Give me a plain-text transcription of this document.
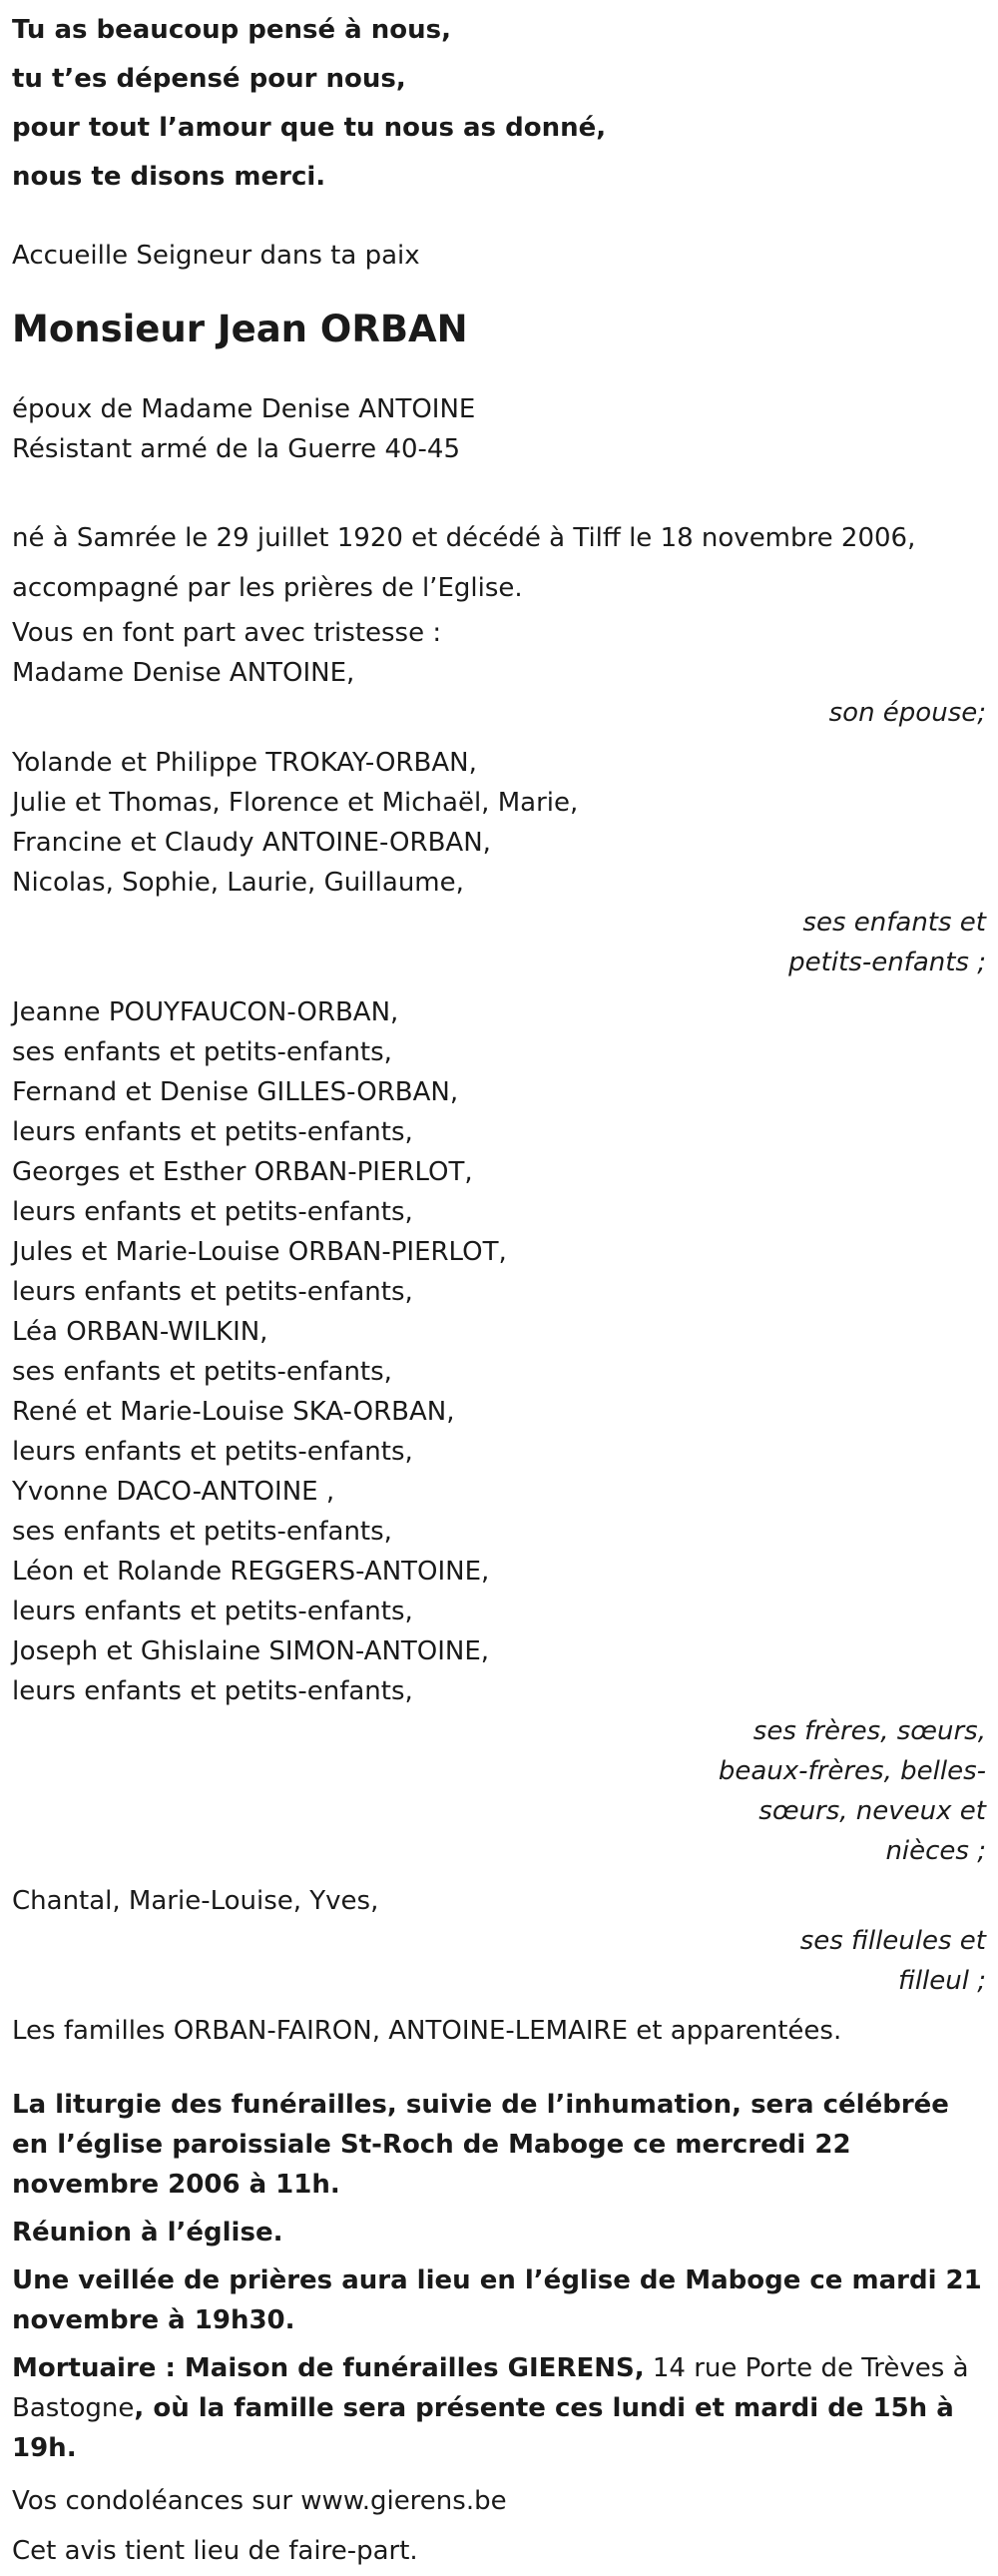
Tu as beaucoup pensé à nous,
tu t’es dépensé pour nous,
pour tout l’amour que tu nous as donné,
nous te disons merci.
Accueille Seigneur dans ta paix
Monsieur Jean ORBAN
époux de Madame Denise ANTOINE
Résistant armé de la Guerre 40-45
né à Samrée le 29 juillet 1920 et décédé à Tilff le 18 novembre 2006,
accompagné par les prières de l’Eglise.
Vous en font part avec tristesse :
Madame Denise ANTOINE,
son épouse;
Yolande et Philippe TROKAY-ORBAN,
Julie et Thomas, Florence et Michaël, Marie,
Francine et Claudy ANTOINE-ORBAN,
Nicolas, Sophie, Laurie, Guillaume,
ses enfants et
petits-enfants ;
Jeanne POUYFAUCON-ORBAN,
ses enfants et petits-enfants,
Fernand et Denise GILLES-ORBAN,
leurs enfants et petits-enfants,
Georges et Esther ORBAN-PIERLOT,
leurs enfants et petits-enfants,
Jules et Marie-Louise ORBAN-PIERLOT,
leurs enfants et petits-enfants,
Léa ORBAN-WILKIN,
ses enfants et petits-enfants,
René et Marie-Louise SKA-ORBAN,
leurs enfants et petits-enfants,
Yvonne DACO-ANTOINE ,
ses enfants et petits-enfants,
Léon et Rolande REGGERS-ANTOINE,
leurs enfants et petits-enfants,
Joseph et Ghislaine SIMON-ANTOINE,
leurs enfants et petits-enfants,
ses frères, sœurs,
beaux-frères, belles-
sœurs, neveux et
nièces ;
Chantal, Marie-Louise, Yves,
ses filleules et
filleul ;
Les familles ORBAN-FAIRON, ANTOINE-LEMAIRE et apparentées.

La liturgie des funérailles, suivie de l’inhumation, sera célébrée en l’église paroissiale St-Roch de Maboge ce mercredi 22 novembre 2006 à 11h.

Réunion à l’église.

Une veillée de prières aura lieu en l’église de Maboge ce mardi 21 novembre à 19h30.

Mortuaire : Maison de funérailles GIERENS, 14 rue Porte de Trèves à Bastogne, où la famille sera présente ces lundi et mardi de 15h à 19h.

Vos condoléances sur www.gierens.be
Cet avis tient lieu de faire-part.
